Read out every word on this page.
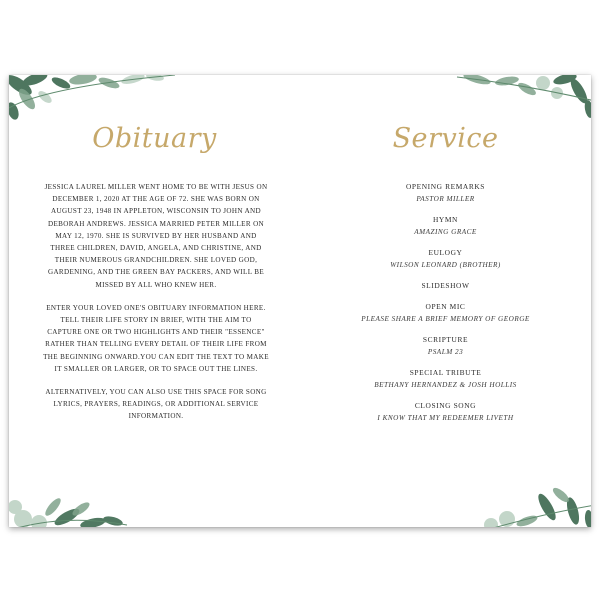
Obituary

JESSICA LAUREL MILLER WENT HOME TO BE WITH JESUS ON DECEMBER 1, 2020 AT THE AGE OF 72. SHE WAS BORN ON AUGUST 23, 1948 IN APPLETON, WISCONSIN TO JOHN AND DEBORAH ANDREWS. JESSICA MARRIED PETER MILLER ON MAY 12, 1970. SHE IS SURVIVED BY HER HUSBAND AND THREE CHILDREN, DAVID, ANGELA, AND CHRISTINE, AND THEIR NUMEROUS GRANDCHILDREN. SHE LOVED GOD, GARDENING, AND THE GREEN BAY PACKERS, AND WILL BE MISSED BY ALL WHO KNEW HER.

ENTER YOUR LOVED ONE'S OBITUARY INFORMATION HERE. TELL THEIR LIFE STORY IN BRIEF, WITH THE AIM TO CAPTURE ONE OR TWO HIGHLIGHTS AND THEIR "ESSENCE" RATHER THAN TELLING EVERY DETAIL OF THEIR LIFE FROM THE BEGINNING ONWARD.YOU CAN EDIT THE TEXT TO MAKE IT SMALLER OR LARGER, OR TO SPACE OUT THE LINES.

ALTERNATIVELY, YOU CAN ALSO USE THIS SPACE FOR SONG LYRICS, PRAYERS, READINGS, OR ADDITIONAL SERVICE INFORMATION.

Service
OPENING REMARKS
PASTOR MILLER
HYMN
AMAZING GRACE
EULOGY
WILSON LEONARD (BROTHER)
SLIDESHOW
OPEN MIC
PLEASE SHARE A BRIEF MEMORY OF GEORGE
SCRIPTURE
PSALM 23
SPECIAL TRIBUTE
BETHANY HERNANDEZ & JOSH HOLLIS
CLOSING SONG
I KNOW THAT MY REDEEMER LIVETH
